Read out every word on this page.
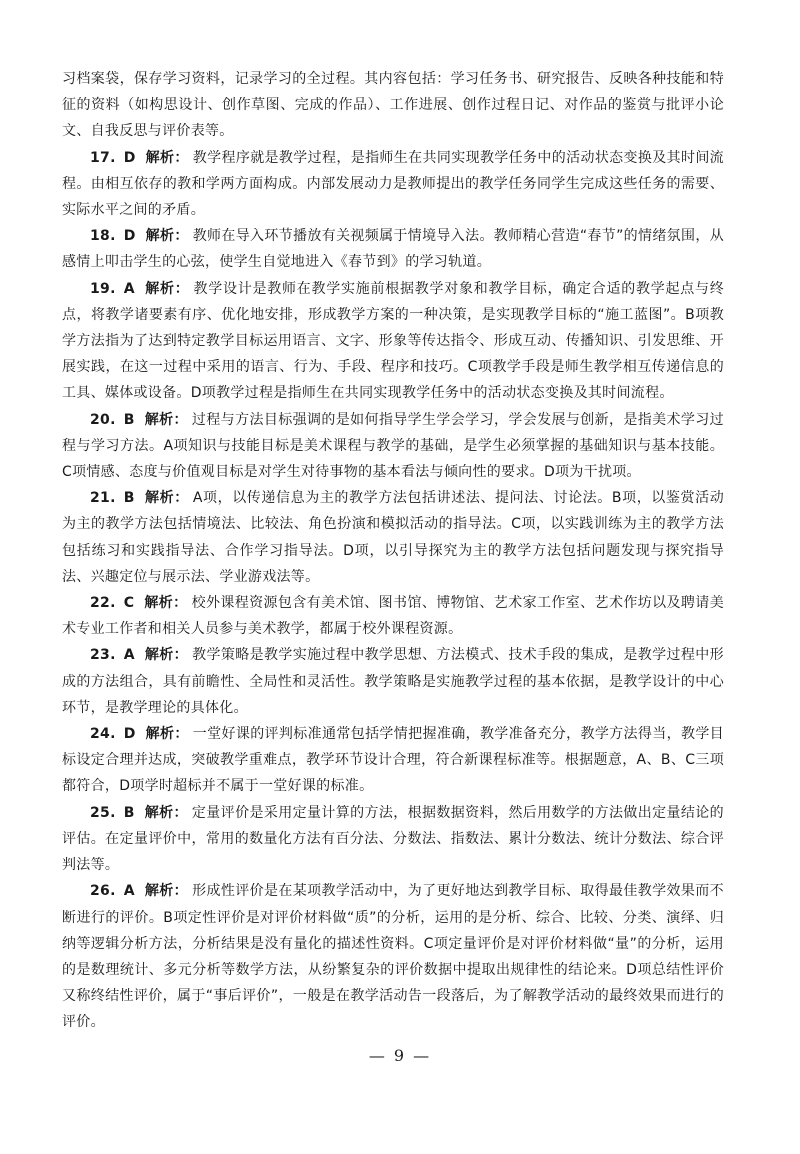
习档案袋，保存学习资料，记录学习的全过程。其内容包括：学习任务书、研究报告、反映各种技能和特征的资料（如构思设计、创作草图、完成的作品）、工作进展、创作过程日记、对作品的鉴赏与批评小论文、自我反思与评价表等。

17. D 解析： 教学程序就是教学过程，是指师生在共同实现教学任务中的活动状态变换及其时间流程。由相互依存的教和学两方面构成。内部发展动力是教师提出的教学任务同学生完成这些任务的需要、实际水平之间的矛盾。

18. D 解析： 教师在导入环节播放有关视频属于情境导入法。教师精心营造“春节”的情绪氛围，从感情上叩击学生的心弦，使学生自觉地进入《春节到》的学习轨道。

19. A 解析： 教学设计是教师在教学实施前根据教学对象和教学目标，确定合适的教学起点与终点，将教学诸要素有序、优化地安排，形成教学方案的一种决策，是实现教学目标的“施工蓝图”。B项教学方法指为了达到特定教学目标运用语言、文字、形象等传达指令、形成互动、传播知识、引发思维、开展实践，在这一过程中采用的语言、行为、手段、程序和技巧。C项教学手段是师生教学相互传递信息的工具、媒体或设备。D项教学过程是指师生在共同实现教学任务中的活动状态变换及其时间流程。

20. B 解析： 过程与方法目标强调的是如何指导学生学会学习，学会发展与创新，是指美术学习过程与学习方法。A项知识与技能目标是美术课程与教学的基础，是学生必须掌握的基础知识与基本技能。C项情感、态度与价值观目标是对学生对待事物的基本看法与倾向性的要求。D项为干扰项。

21. B 解析： A项，以传递信息为主的教学方法包括讲述法、提问法、讨论法。B项，以鉴赏活动为主的教学方法包括情境法、比较法、角色扮演和模拟活动的指导法。C项，以实践训练为主的教学方法包括练习和实践指导法、合作学习指导法。D项，以引导探究为主的教学方法包括问题发现与探究指导法、兴趣定位与展示法、学业游戏法等。

22. C 解析： 校外课程资源包含有美术馆、图书馆、博物馆、艺术家工作室、艺术作坊以及聘请美术专业工作者和相关人员参与美术教学，都属于校外课程资源。

23. A 解析： 教学策略是教学实施过程中教学思想、方法模式、技术手段的集成，是教学过程中形成的方法组合，具有前瞻性、全局性和灵活性。教学策略是实施教学过程的基本依据，是教学设计的中心环节，是教学理论的具体化。

24. D 解析： 一堂好课的评判标准通常包括学情把握准确，教学准备充分，教学方法得当，教学目标设定合理并达成，突破教学重难点，教学环节设计合理，符合新课程标准等。根据题意，A、B、C三项都符合，D项学时超标并不属于一堂好课的标准。

25. B 解析： 定量评价是采用定量计算的方法，根据数据资料，然后用数学的方法做出定量结论的评估。在定量评价中，常用的数量化方法有百分法、分数法、指数法、累计分数法、统计分数法、综合评判法等。

26. A 解析： 形成性评价是在某项教学活动中，为了更好地达到教学目标、取得最佳教学效果而不断进行的评价。B项定性评价是对评价材料做“质”的分析，运用的是分析、综合、比较、分类、演绎、归纳等逻辑分析方法，分析结果是没有量化的描述性资料。C项定量评价是对评价材料做“量”的分析，运用的是数理统计、多元分析等数学方法，从纷繁复杂的评价数据中提取出规律性的结论来。D项总结性评价又称终结性评价，属于“事后评价”，一般是在教学活动告一段落后，为了解教学活动的最终效果而进行的评价。

— 9 —
